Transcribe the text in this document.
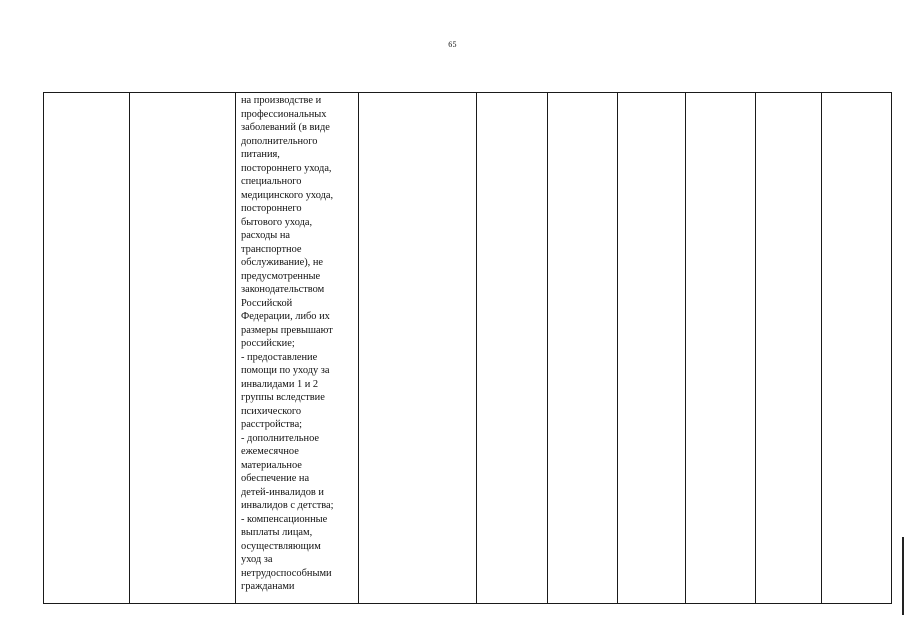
65
		на производстве и
профессиональных
заболеваний (в виде
дополнительного
питания,
постороннего ухода,
специального
медицинского ухода,
постороннего
бытового ухода,
расходы на
транспортное
обслуживание), не
предусмотренные
законодательством
Российской
Федерации, либо их
размеры превышают
российские;
- предоставление
помощи по уходу за
инвалидами 1 и 2
группы вследствие
психического
расстройства;
- дополнительное
ежемесячное
материальное
обеспечение на
детей-инвалидов и
инвалидов с детства;
- компенсационные
выплаты лицам,
осуществляющим
уход за
нетрудоспособными
гражданами							
